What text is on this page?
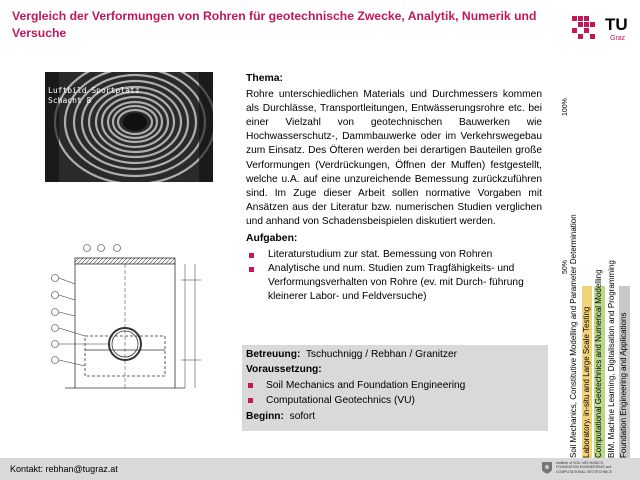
Vergleich der Verformungen von Rohren für geotechnische Zwecke, Analytik, Numerik und Versuche	TU
Graz
Luftbild Sportplatz
Schacht 8
Thema:

Rohre unterschiedlichen Materials und Durchmessers kommen als Durchlässe, Transportleitungen, Entwässerungsrohre etc. bei einer Vielzahl von geotechnischen Bauwerken wie Hochwasserschutz-, Dammbauwerke oder im Verkehrswegebau zum Einsatz. Des Öfteren werden bei derartigen Bauteilen große Verformungen (Verdrückungen, Öffnen der Muffen) festgestellt, welche u.A. auf eine unzureichende Bemessung zurückzuführen sind. Im Zuge dieser Arbeit sollen normative Vorgaben mit Ansätzen aus der Literatur bzw. numerischen Studien verglichen und anhand von Schadensbeispielen diskutiert werden.

Aufgaben:
Literaturstudium zur stat. Bemessung von Rohren
Analytische und num. Studien zum Tragfähigkeits- und Verformungsverhalten von Rohre (ev. mit Durch- führung kleinerer Labor- und Feldversuche)
Betreuung: Tschuchnigg / Rebhan / Granitzer
Voraussetzung:
Soil Mechanics and Foundation Engineering
Computational Geotechnics (VU)
Beginn: sofort
100%
50% Soil Mechanics, Constitutive Modelling and Parameter Determination Laboratory, in-situ and Large Scale Testing Computational Geotechnics and Numerical Modelling BIM, Machine Learning, Digitalisation and Programming Foundation Engineering and Applications
Kontakt: rebhan@tugraz.at
Institute of SOIL MECHANICS,
FOUNDATION ENGINEERING and
COMPUTATIONAL GEOTECHNICS
